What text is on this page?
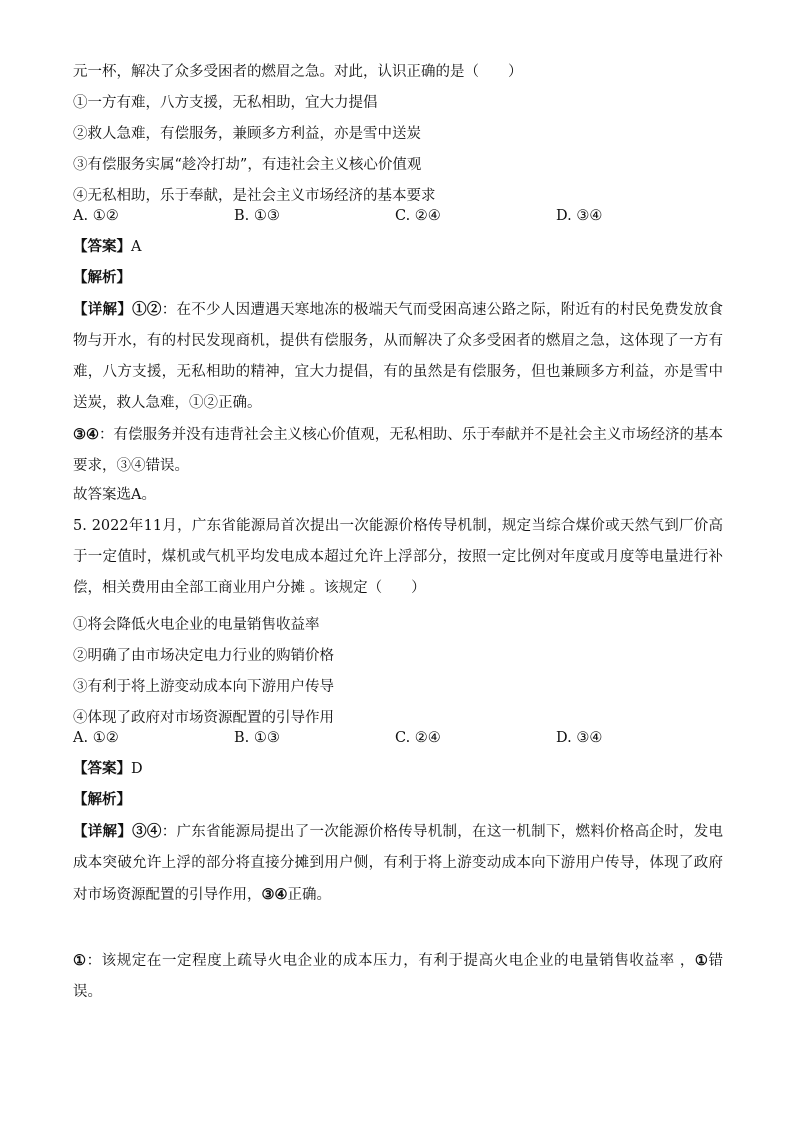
元一杯，解决了众多受困者的燃眉之急。对此，认识正确的是（　　）

①一方有难，八方支援，无私相助，宜大力提倡

②救人急难，有偿服务，兼顾多方利益，亦是雪中送炭

③有偿服务实属“趁冷打劫”，有违社会主义核心价值观

④无私相助，乐于奉献，是社会主义市场经济的基本要求

A. ①②	B. ①③	C. ②④	D. ③④

【答案】A

【解析】

【详解】①②：在不少人因遭遇天寒地冻的极端天气而受困高速公路之际，附近有的村民免费发放食物与开水，有的村民发现商机，提供有偿服务，从而解决了众多受困者的燃眉之急，这体现了一方有难，八方支援，无私相助的精神，宜大力提倡，有的虽然是有偿服务，但也兼顾多方利益，亦是雪中送炭，救人急难，①②正确。

③④：有偿服务并没有违背社会主义核心价值观，无私相助、乐于奉献并不是社会主义市场经济的基本要求，③④错误。

故答案选A。

5. 2022年11月，广东省能源局首次提出一次能源价格传导机制，规定当综合煤价或天然气到厂价高于一定值时，煤机或气机平均发电成本超过允许上浮部分，按照一定比例对年度或月度等电量进行补偿，相关费用由全部工商业用户分摊 。该规定（　　）

①将会降低火电企业的电量销售收益率

②明确了由市场决定电力行业的购销价格

③有利于将上游变动成本向下游用户传导

④体现了政府对市场资源配置的引导作用

A. ①②	B. ①③	C. ②④	D. ③④

【答案】D

【解析】

【详解】③④：广东省能源局提出了一次能源价格传导机制，在这一机制下，燃料价格高企时，发电成本突破允许上浮的部分将直接分摊到用户侧，有利于将上游变动成本向下游用户传导，体现了政府对市场资源配置的引导作用，③④正确。

①：该规定在一定程度上疏导火电企业的成本压力，有利于提高火电企业的电量销售收益率 ，①错误。
